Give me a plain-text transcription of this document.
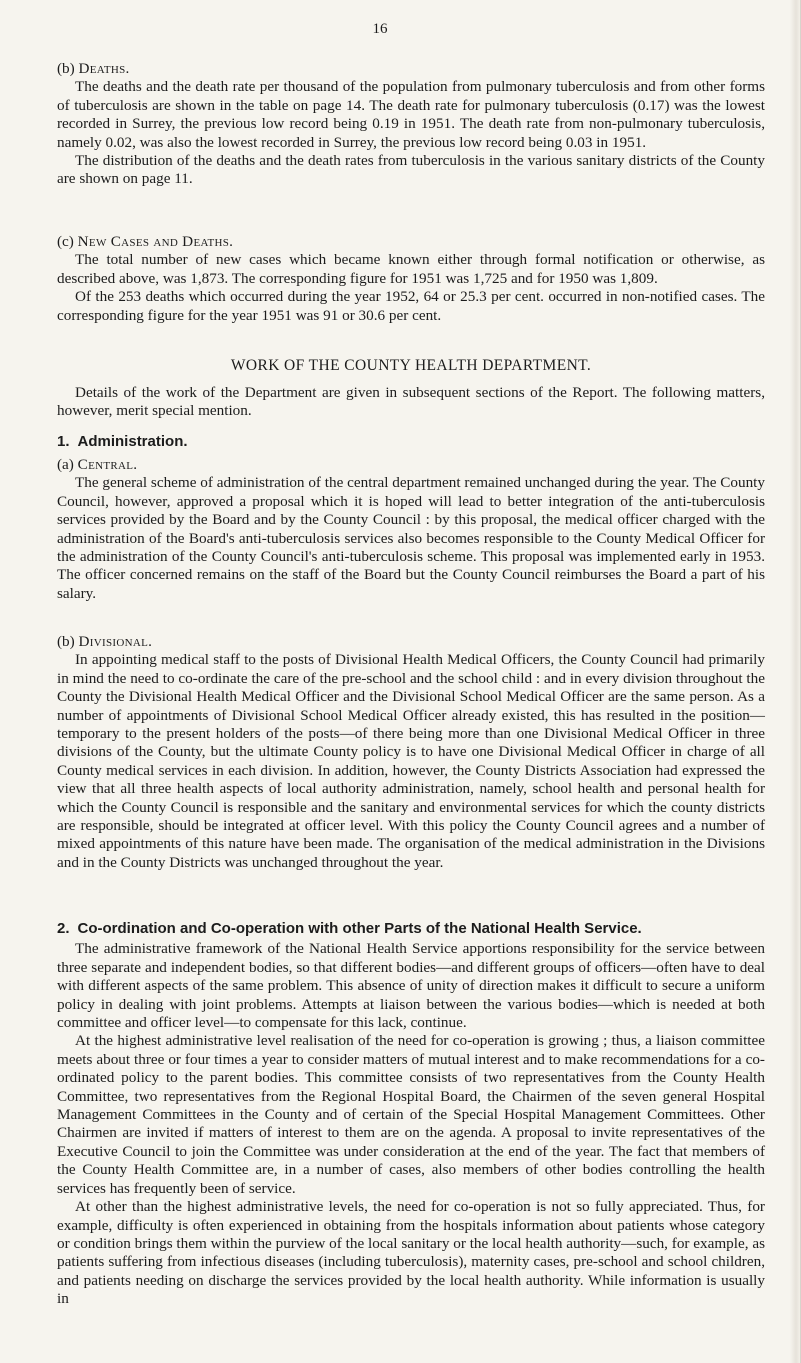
16
(b) Deaths.

The deaths and the death rate per thousand of the population from pulmonary tuberculosis and from other forms of tuberculosis are shown in the table on page 14. The death rate for pulmonary tuberculosis (0.17) was the lowest recorded in Surrey, the previous low record being 0.19 in 1951. The death rate from non-pulmonary tuberculosis, namely 0.02, was also the lowest recorded in Surrey, the previous low record being 0.03 in 1951.

The distribution of the deaths and the death rates from tuberculosis in the various sanitary districts of the County are shown on page 11.

(c) New Cases and Deaths.

The total number of new cases which became known either through formal notification or otherwise, as described above, was 1,873. The corresponding figure for 1951 was 1,725 and for 1950 was 1,809.

Of the 253 deaths which occurred during the year 1952, 64 or 25.3 per cent. occurred in non-notified cases. The corresponding figure for the year 1951 was 91 or 30.6 per cent.

WORK OF THE COUNTY HEALTH DEPARTMENT.

Details of the work of the Department are given in subsequent sections of the Report. The following matters, however, merit special mention.

1. Administration.
(a) Central.

The general scheme of administration of the central department remained unchanged during the year. The County Council, however, approved a proposal which it is hoped will lead to better integration of the anti-tuberculosis services provided by the Board and by the County Council : by this proposal, the medical officer charged with the administration of the Board's anti-tuberculosis services also becomes responsible to the County Medical Officer for the administration of the County Council's anti-tuberculosis scheme. This proposal was implemented early in 1953. The officer concerned remains on the staff of the Board but the County Council reimburses the Board a part of his salary.

(b) Divisional.

In appointing medical staff to the posts of Divisional Health Medical Officers, the County Council had primarily in mind the need to co-ordinate the care of the pre-school and the school child : and in every division throughout the County the Divisional Health Medical Officer and the Divisional School Medical Officer are the same person. As a number of appointments of Divisional School Medical Officer already existed, this has resulted in the position—temporary to the present holders of the posts—of there being more than one Divisional Medical Officer in three divisions of the County, but the ultimate County policy is to have one Divisional Medical Officer in charge of all County medical services in each division. In addition, however, the County Districts Association had expressed the view that all three health aspects of local authority administration, namely, school health and personal health for which the County Council is responsible and the sanitary and environmental services for which the county districts are responsible, should be integrated at officer level. With this policy the County Council agrees and a number of mixed appointments of this nature have been made. The organisation of the medical administration in the Divisions and in the County Districts was unchanged throughout the year.

2. Co-ordination and Co-operation with other Parts of the National Health Service.

The administrative framework of the National Health Service apportions responsibility for the service between three separate and independent bodies, so that different bodies—and different groups of officers—often have to deal with different aspects of the same problem. This absence of unity of direction makes it difficult to secure a uniform policy in dealing with joint problems. Attempts at liaison between the various bodies—which is needed at both committee and officer level—to compensate for this lack, continue.

At the highest administrative level realisation of the need for co-operation is growing ; thus, a liaison committee meets about three or four times a year to consider matters of mutual interest and to make recommendations for a co-ordinated policy to the parent bodies. This committee consists of two representatives from the County Health Committee, two representatives from the Regional Hospital Board, the Chairmen of the seven general Hospital Management Committees in the County and of certain of the Special Hospital Management Committees. Other Chairmen are invited if matters of interest to them are on the agenda. A proposal to invite representatives of the Executive Council to join the Committee was under consideration at the end of the year. The fact that members of the County Health Committee are, in a number of cases, also members of other bodies controlling the health services has frequently been of service.

At other than the highest administrative levels, the need for co-operation is not so fully appreciated. Thus, for example, difficulty is often experienced in obtaining from the hospitals information about patients whose category or condition brings them within the purview of the local sanitary or the local health authority—such, for example, as patients suffering from infectious diseases (including tuberculosis), maternity cases, pre-school and school children, and patients needing on discharge the services provided by the local health authority. While information is usually in
